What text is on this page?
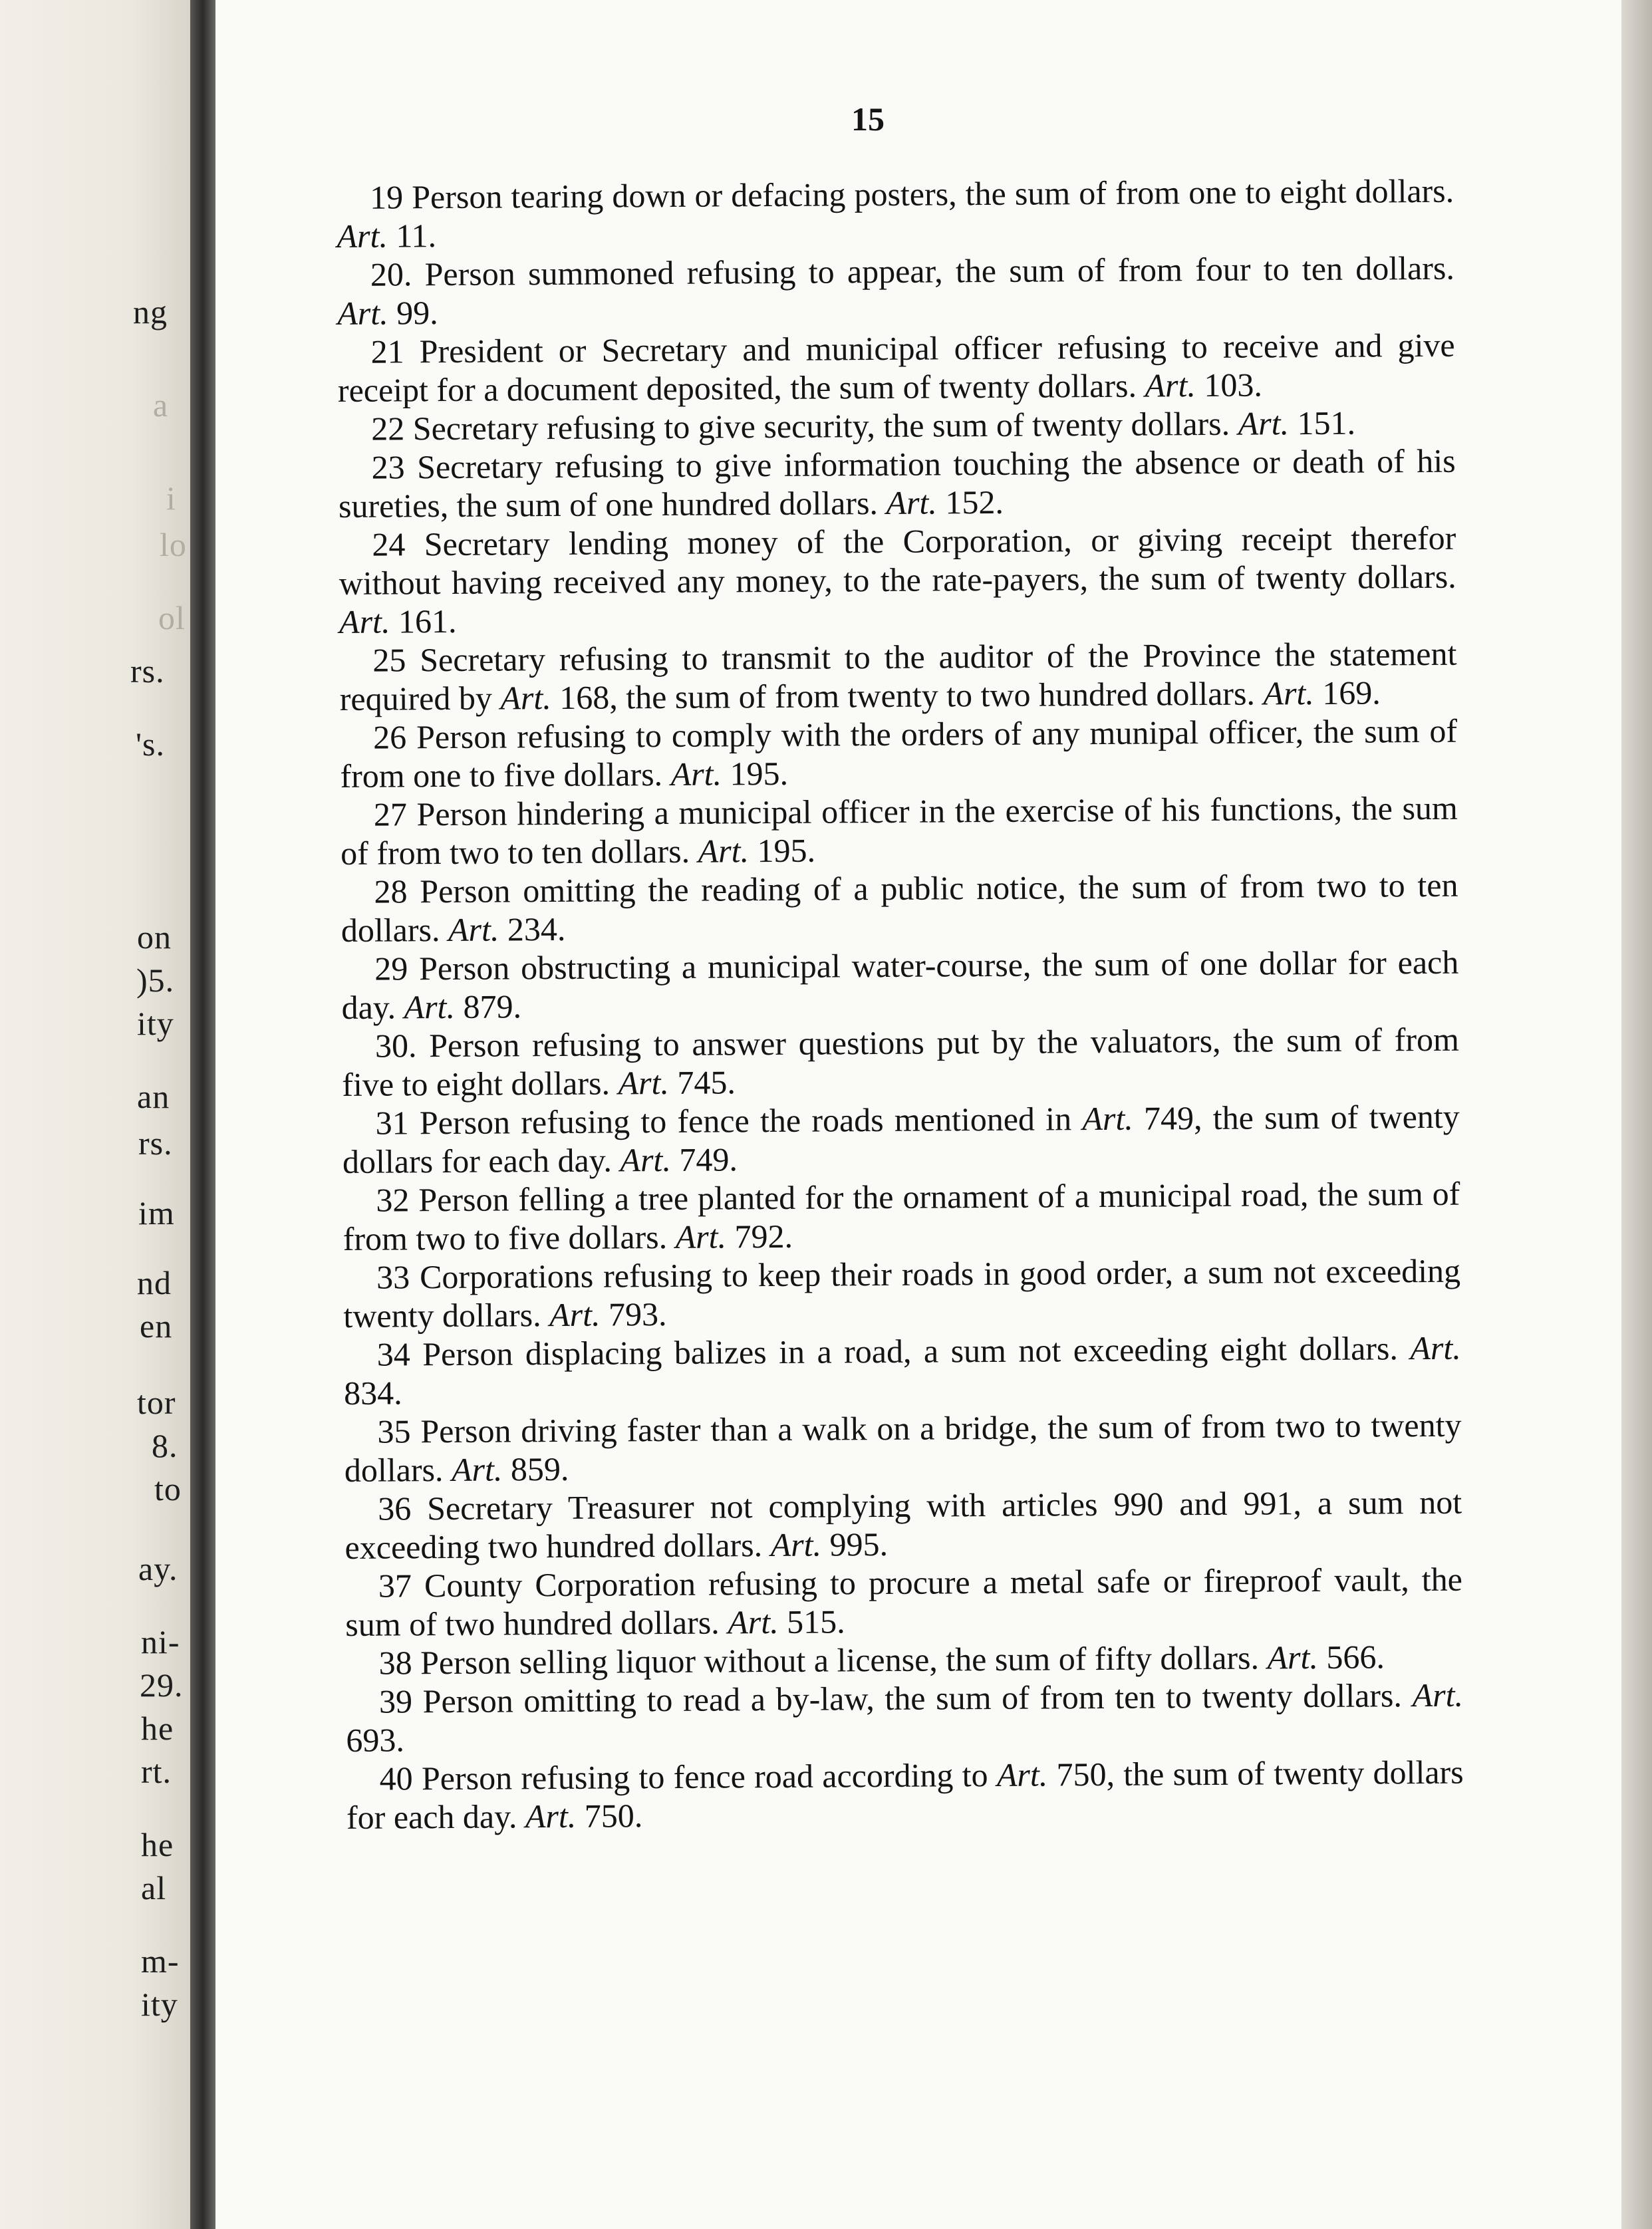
ng
a
i
lo
ol
rs.
's.
on
)5.
ity
an
rs.
im
nd
en
tor
8.
to
ay.
ni-
29.
he
rt.
he
al
m-
ity
15

19 Person tearing down or defacing posters, the sum of from one to eight dollars. Art. 11.

20. Person summoned refusing to appear, the sum of from four to ten dollars. Art. 99.

21 President or Secretary and municipal officer refusing to receive and give receipt for a document deposited, the sum of twenty dollars. Art. 103.

22 Secretary refusing to give security, the sum of twenty dollars. Art. 151.

23 Secretary refusing to give information touching the absence or death of his sureties, the sum of one hundred dollars. Art. 152.

24 Secretary lending money of the Corporation, or giving receipt therefor without having received any money, to the rate-payers, the sum of twenty dollars. Art. 161.

25 Secretary refusing to transmit to the auditor of the Province the statement required by Art. 168, the sum of from twenty to two hundred dollars. Art. 169.

26 Person refusing to comply with the orders of any munipal officer, the sum of from one to five dollars. Art. 195.

27 Person hindering a municipal officer in the exercise of his functions, the sum of from two to ten dollars. Art. 195.

28 Person omitting the reading of a public notice, the sum of from two to ten dollars. Art. 234.

29 Person obstructing a municipal water-course, the sum of one dollar for each day. Art. 879.

30. Person refusing to answer questions put by the valuators, the sum of from five to eight dollars. Art. 745.

31 Person refusing to fence the roads mentioned in Art. 749, the sum of twenty dollars for each day. Art. 749.

32 Person felling a tree planted for the ornament of a municipal road, the sum of from two to five dollars. Art. 792.

33 Corporations refusing to keep their roads in good order, a sum not exceeding twenty dollars. Art. 793.

34 Person displacing balizes in a road, a sum not exceeding eight dollars. Art. 834.

35 Person driving faster than a walk on a bridge, the sum of from two to twenty dollars. Art. 859.

36 Secretary Treasurer not complying with articles 990 and 991, a sum not exceeding two hundred dollars. Art. 995.

37 County Corporation refusing to procure a metal safe or fireproof vault, the sum of two hundred dollars. Art. 515.

38 Person selling liquor without a license, the sum of fifty dollars. Art. 566.

39 Person omitting to read a by-law, the sum of from ten to twenty dollars. Art. 693.

40 Person refusing to fence road according to Art. 750, the sum of twenty dollars for each day. Art. 750.
